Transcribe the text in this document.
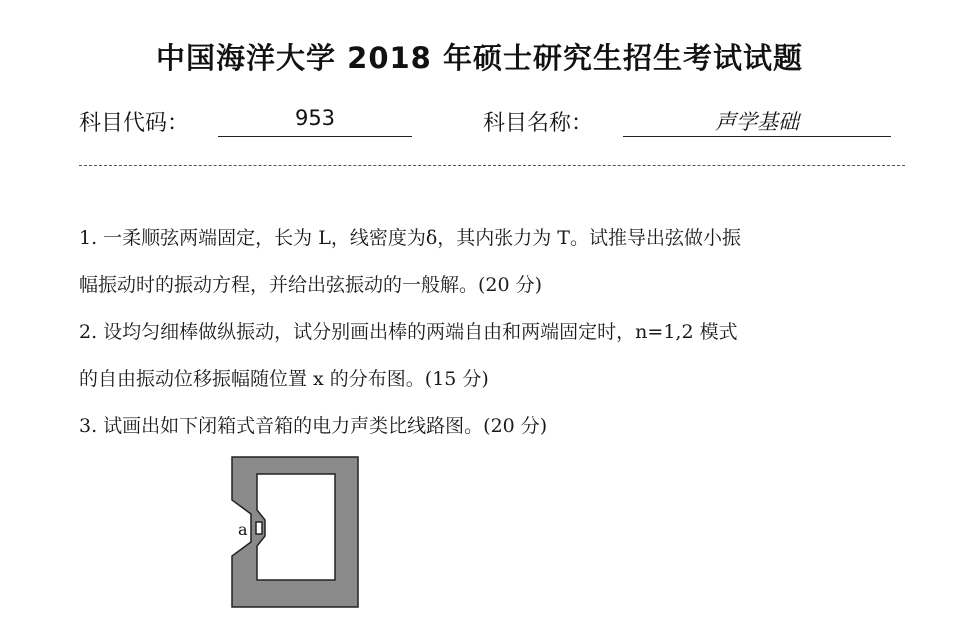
中国海洋大学 2018 年硕士研究生招生考试试题
科目代码：	953	科目名称：	声学基础
1. 一柔顺弦两端固定，长为 L，线密度为δ，其内张力为 T。试推导出弦做小振
幅振动时的振动方程，并给出弦振动的一般解。(20 分)
2. 设均匀细棒做纵振动，试分别画出棒的两端自由和两端固定时，n=1,2 模式
的自由振动位移振幅随位置 x 的分布图。(15 分)
3. 试画出如下闭箱式音箱的电力声类比线路图。(20 分)
a
